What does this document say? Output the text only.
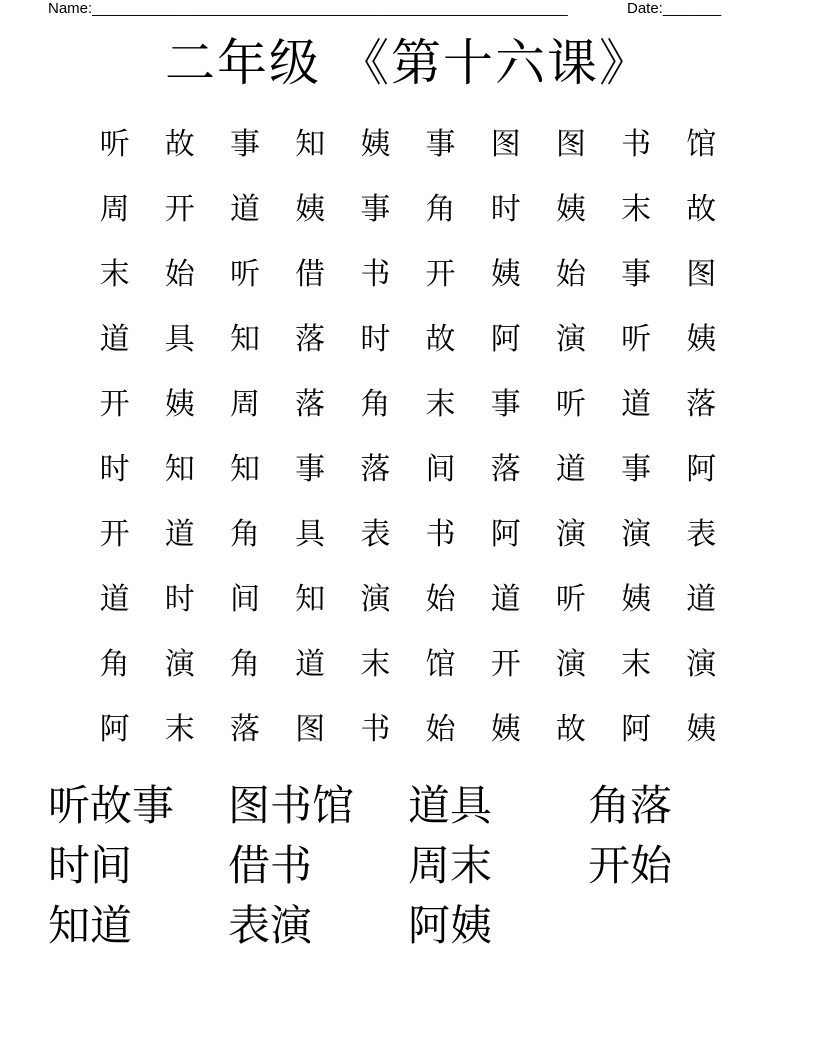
Name:_________________________________________________________	Date:_______
二年级 《第十六课》
听	故	事	知	姨	事	图	图	书	馆
周	开	道	姨	事	角	时	姨	末	故
末	始	听	借	书	开	姨	始	事	图
道	具	知	落	时	故	阿	演	听	姨
开	姨	周	落	角	末	事	听	道	落
时	知	知	事	落	间	落	道	事	阿
开	道	角	具	表	书	阿	演	演	表
道	时	间	知	演	始	道	听	姨	道
角	演	角	道	末	馆	开	演	末	演
阿	末	落	图	书	始	姨	故	阿	姨
听故事	图书馆	道具	角落
时间	借书	周末	开始
知道	表演	阿姨
